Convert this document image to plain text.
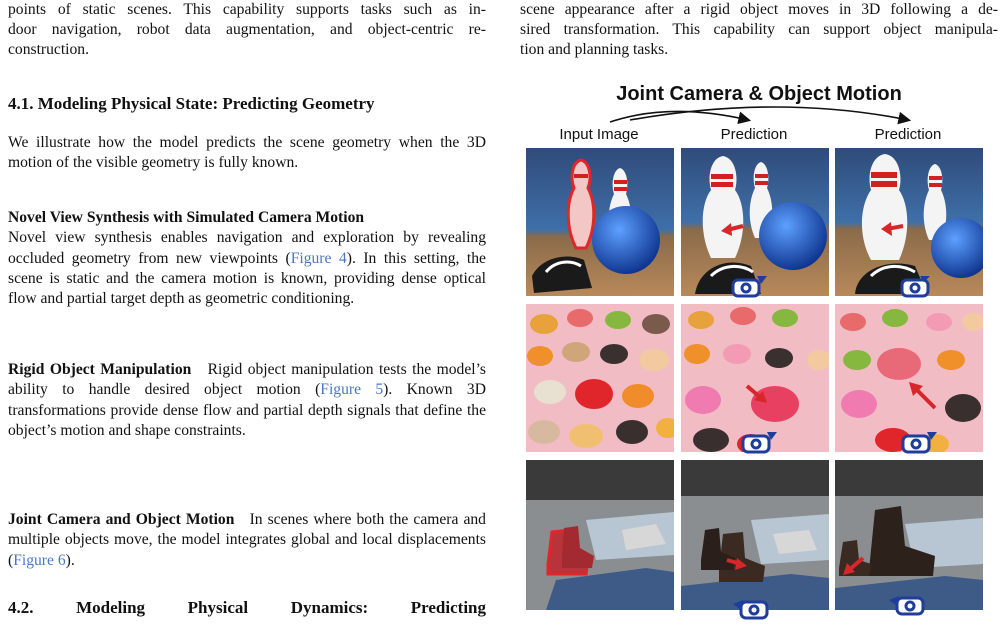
points of static scenes. This capability supports tasks such as in-

door navigation, robot data augmentation, and object-centric re-

construction.

4.1. Modeling Physical State: Predicting Geometry

We illustrate how the model predicts the scene geometry when the 3D motion of the visible geometry is fully known.

Novel View Synthesis with Simulated Camera Motion
Novel view synthesis enables navigation and exploration by revealing occluded geometry from new viewpoints (Figure 4). In this setting, the scene is static and the camera motion is known, providing dense optical flow and partial target depth as geometric conditioning.

Rigid Object Manipulation Rigid object manipulation tests the model’s ability to handle desired object motion (Figure 5). Known 3D transformations provide dense flow and partial depth signals that define the object’s motion and shape constraints.

Joint Camera and Object Motion In scenes where both the camera and multiple objects move, the model integrates global and local displacements (Figure 6).

4.2. Modeling Physical Dynamics: Predicting

scene appearance after a rigid object moves in 3D following a de-

sired transformation. This capability can support object manipula-

tion and planning tasks.

Joint Camera & Object Motion
Input Image	Prediction	Prediction
